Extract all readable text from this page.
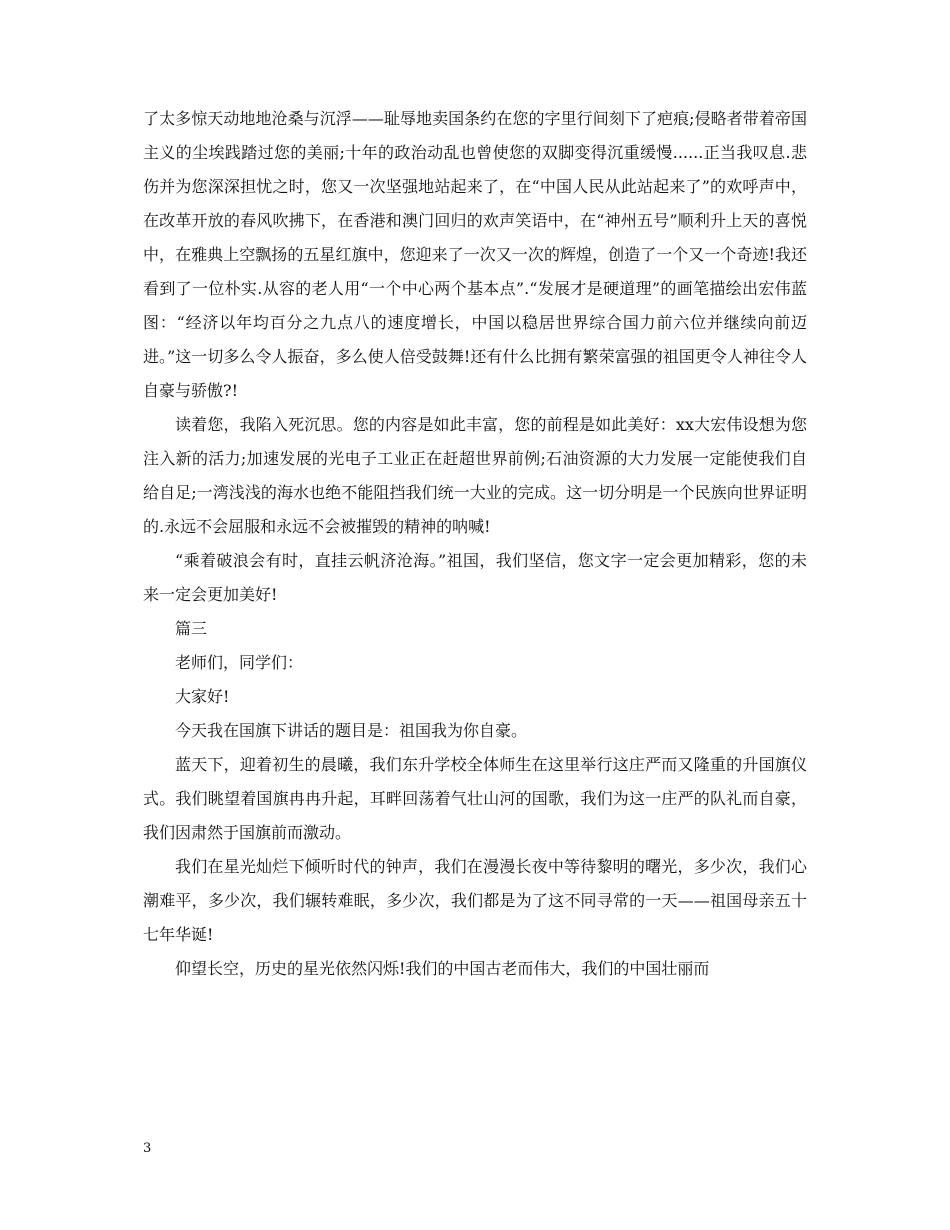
了太多惊天动地地沧桑与沉浮——耻辱地卖国条约在您的字里行间刻下了疤痕;侵略者带着帝国主义的尘埃践踏过您的美丽;十年的政治动乱也曾使您的双脚变得沉重缓慢......正当我叹息.悲伤并为您深深担忧之时，您又一次坚强地站起来了，在“中国人民从此站起来了”的欢呼声中，在改革开放的春风吹拂下，在香港和澳门回归的欢声笑语中，在“神州五号”顺利升上天的喜悦中，在雅典上空飘扬的五星红旗中，您迎来了一次又一次的辉煌，创造了一个又一个奇迹!我还看到了一位朴实.从容的老人用“一个中心两个基本点”.“发展才是硬道理”的画笔描绘出宏伟蓝图：“经济以年均百分之九点八的速度增长，中国以稳居世界综合国力前六位并继续向前迈进。”这一切多么令人振奋，多么使人倍受鼓舞!还有什么比拥有繁荣富强的祖国更令人神往令人自豪与骄傲?!

读着您，我陷入死沉思。您的内容是如此丰富，您的前程是如此美好：xx大宏伟设想为您注入新的活力;加速发展的光电子工业正在赶超世界前例;石油资源的大力发展一定能使我们自给自足;一湾浅浅的海水也绝不能阻挡我们统一大业的完成。这一切分明是一个民族向世界证明的.永远不会屈服和永远不会被摧毁的精神的呐喊!

“乘着破浪会有时，直挂云帆济沧海。”祖国，我们坚信，您文字一定会更加精彩，您的未来一定会更加美好!

篇三

老师们，同学们：

大家好!

今天我在国旗下讲话的题目是：祖国我为你自豪。

蓝天下，迎着初生的晨曦，我们东升学校全体师生在这里举行这庄严而又隆重的升国旗仪式。我们眺望着国旗冉冉升起，耳畔回荡着气壮山河的国歌，我们为这一庄严的队礼而自豪，我们因肃然于国旗前而激动。

我们在星光灿烂下倾听时代的钟声，我们在漫漫长夜中等待黎明的曙光，多少次，我们心潮难平，多少次，我们辗转难眠，多少次，我们都是为了这不同寻常的一天——祖国母亲五十七年华诞!

仰望长空，历史的星光依然闪烁!我们的中国古老而伟大，我们的中国壮丽而

3
